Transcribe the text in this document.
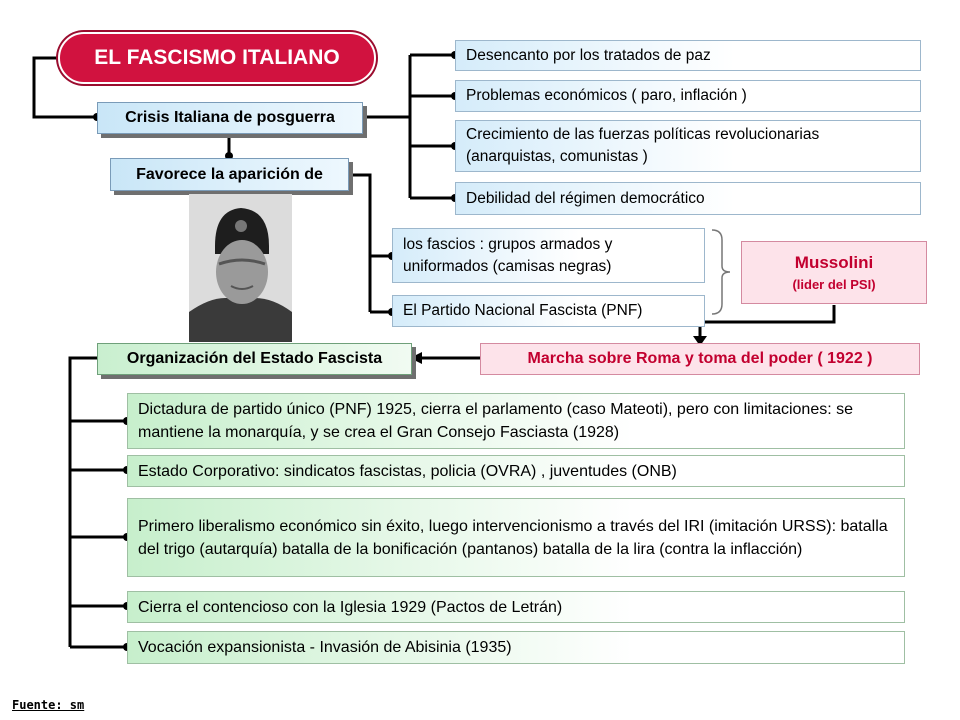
EL FASCISMO ITALIANO
Crisis Italiana de posguerra
Desencanto por los tratados de paz
Problemas económicos ( paro, inflación )
Crecimiento de las fuerzas políticas revolucionarias (anarquistas, comunistas )
Debilidad del régimen democrático
Favorece la aparición de
los fascios : grupos armados y uniformados (camisas negras)
El Partido Nacional Fascista (PNF)
Mussolini
(lider del PSI)
Marcha sobre Roma y toma del poder ( 1922 )
Organización del Estado Fascista
Dictadura de partido único (PNF) 1925, cierra el parlamento (caso Mateoti), pero con limitaciones: se mantiene la monarquía, y se crea el Gran Consejo Fasciasta (1928)
Estado Corporativo: sindicatos fascistas, policia (OVRA) , juventudes (ONB)
Primero liberalismo económico sin éxito, luego intervencionismo a través del IRI (imitación URSS): batalla del trigo (autarquía) batalla de la bonificación (pantanos) batalla de la lira (contra la inflacción)
Cierra el contencioso con la Iglesia 1929 (Pactos de Letrán)
Vocación expansionista - Invasión de Abisinia (1935)
Fuente: sm
